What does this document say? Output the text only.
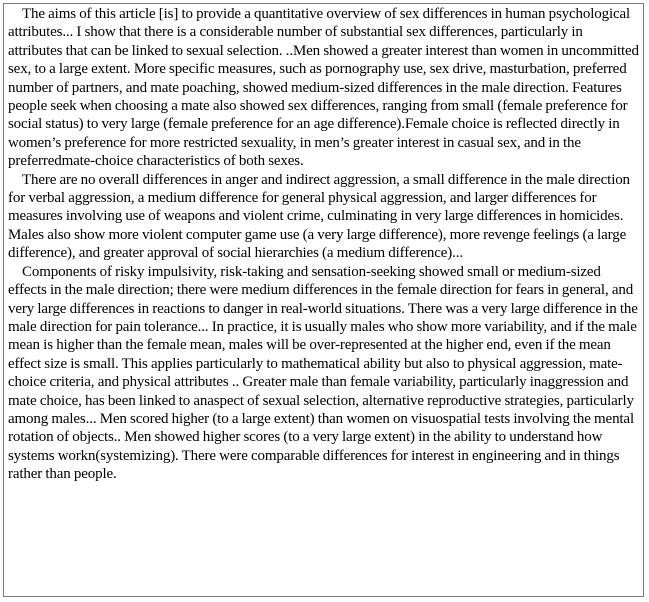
The aims of this article [is] to provide a quantitative overview of sex differences in human psychological attributes... I show that there is a considerable number of substantial sex differences, particularly in attributes that can be linked to sexual selection. ..Men showed a greater interest than women in uncommitted sex, to a large extent. More specific measures, such as pornography use, sex drive, masturbation, preferred number of partners, and mate poaching, showed medium-sized differences in the male direction. Features people seek when choosing a mate also showed sex differences, ranging from small (female preference for social status) to very large (female preference for an age difference).Female choice is reflected directly in women’s preference for more restricted sexuality, in men’s greater interest in casual sex, and in the preferredmate-choice characteristics of both sexes.

There are no overall differences in anger and indirect aggression, a small difference in the male direction for verbal aggression, a medium difference for general physical aggression, and larger differences for measures involving use of weapons and violent crime, culminating in very large differences in homicides. Males also show more violent computer game use (a very large difference), more revenge feelings (a large difference), and greater approval of social hierarchies (a medium difference)...

Components of risky impulsivity, risk-taking and sensation-seeking showed small or medium-sized effects in the male direction; there were medium differences in the female direction for fears in general, and very large differences in reactions to danger in real-world situations. There was a very large difference in the male direction for pain tolerance... In practice, it is usually males who show more variability, and if the male mean is higher than the female mean, males will be over-represented at the higher end, even if the mean effect size is small. This applies particularly to mathematical ability but also to physical aggression, mate-choice criteria, and physical attributes .. Greater male than female variability, particularly inaggression and mate choice, has been linked to anaspect of sexual selection, alternative reproductive strategies, particularly among males... Men scored higher (to a large extent) than women on visuospatial tests involving the mental rotation of objects.. Men showed higher scores (to a very large extent) in the ability to understand how systems workn(systemizing). There were comparable differences for interest in engineering and in things rather than people.
